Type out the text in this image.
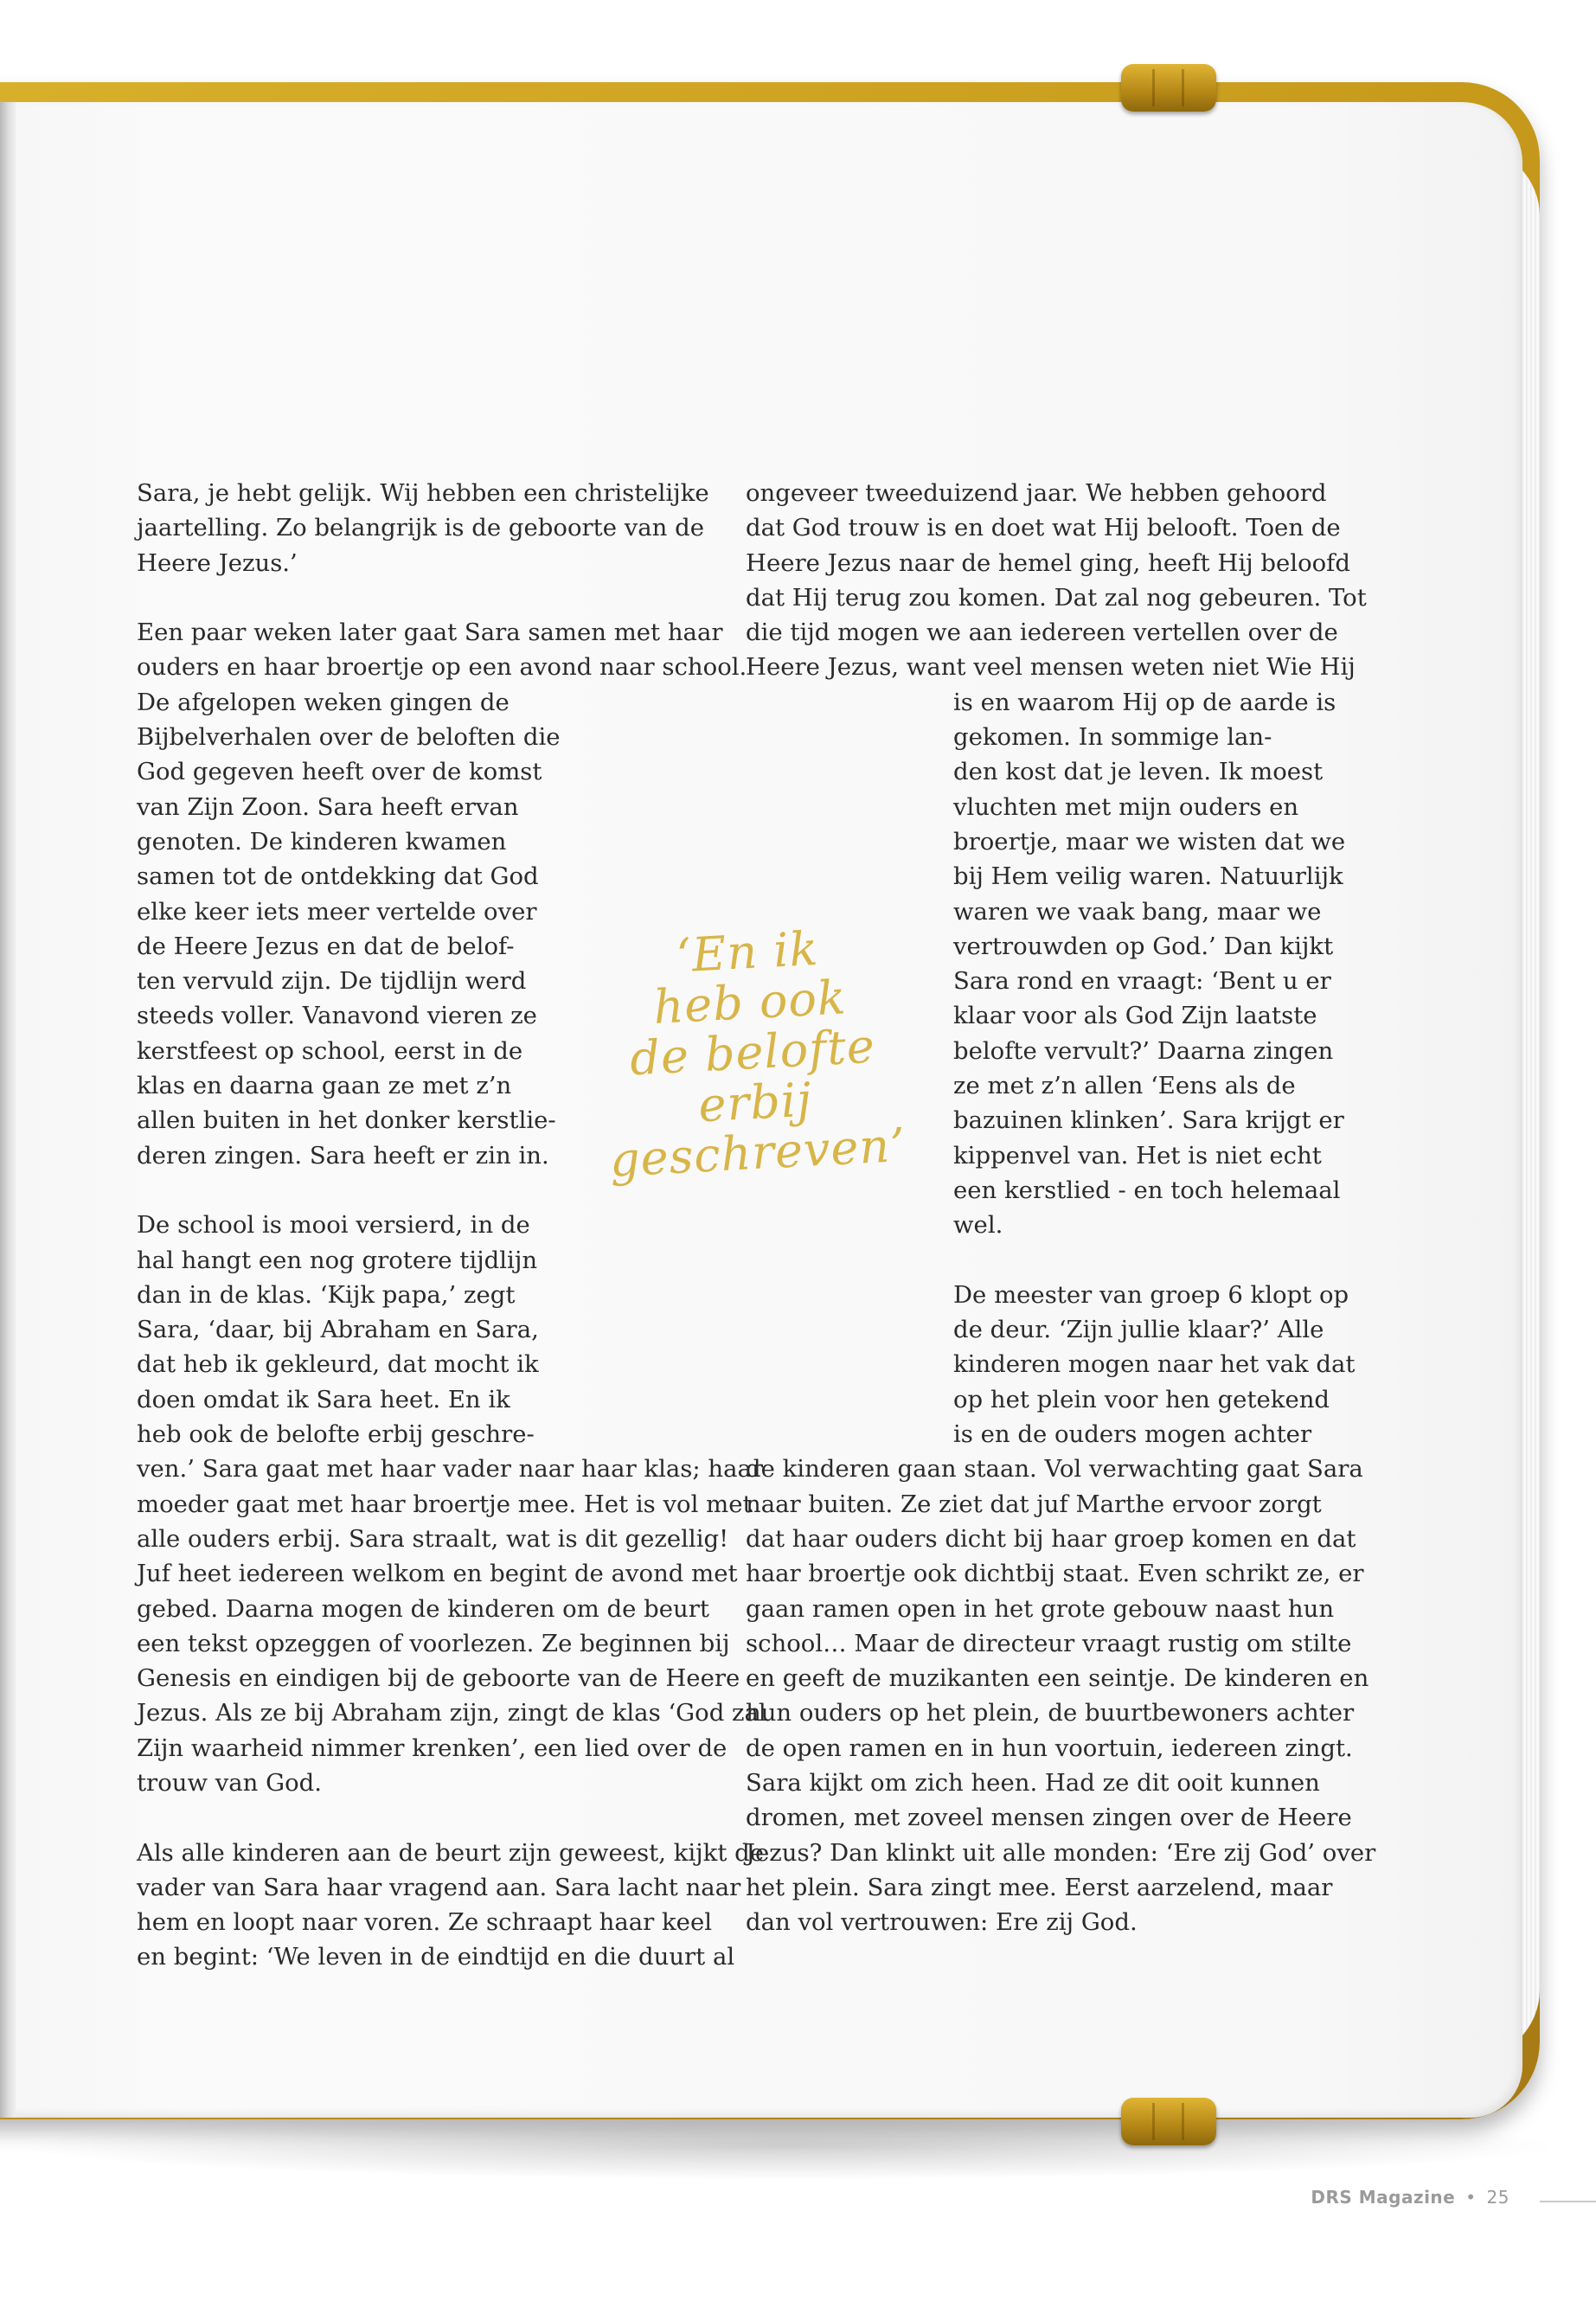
Sara, je hebt gelijk. Wij hebben een christelijke
jaartelling. Zo belangrijk is de geboorte van de
Heere Jezus.’

Een paar weken later gaat Sara samen met haar
ouders en haar broertje op een avond naar school.
De afgelopen weken gingen de
Bijbelverhalen over de beloften die
God gegeven heeft over de komst
van Zijn Zoon. Sara heeft ervan
genoten. De kinderen kwamen
samen tot de ontdekking dat God
elke keer iets meer vertelde over
de Heere Jezus en dat de belof-
ten vervuld zijn. De tijdlijn werd
steeds voller. Vanavond vieren ze
kerstfeest op school, eerst in de
klas en daarna gaan ze met z’n
allen buiten in het donker kerstlie-
deren zingen. Sara heeft er zin in.

De school is mooi versierd, in de
hal hangt een nog grotere tijdlijn
dan in de klas. ‘Kijk papa,’ zegt
Sara, ‘daar, bij Abraham en Sara,
dat heb ik gekleurd, dat mocht ik
doen omdat ik Sara heet. En ik
heb ook de belofte erbij geschre-
ven.’ Sara gaat met haar vader naar haar klas; haar
moeder gaat met haar broertje mee. Het is vol met
alle ouders erbij. Sara straalt, wat is dit gezellig!
Juf heet iedereen welkom en begint de avond met
gebed. Daarna mogen de kinderen om de beurt
een tekst opzeggen of voorlezen. Ze beginnen bij
Genesis en eindigen bij de geboorte van de Heere
Jezus. Als ze bij Abraham zijn, zingt de klas ‘God zal
Zijn waarheid nimmer krenken’, een lied over de
trouw van God.

Als alle kinderen aan de beurt zijn geweest, kijkt de
vader van Sara haar vragend aan. Sara lacht naar
hem en loopt naar voren. Ze schraapt haar keel
en begint: ‘We leven in de eindtijd en die duurt al

ongeveer tweeduizend jaar. We hebben gehoord
dat God trouw is en doet wat Hij belooft. Toen de
Heere Jezus naar de hemel ging, heeft Hij beloofd
dat Hij terug zou komen. Dat zal nog gebeuren. Tot
die tijd mogen we aan iedereen vertellen over de
Heere Jezus, want veel mensen weten niet Wie Hij
is en waarom Hij op de aarde is
gekomen. In sommige lan-
den kost dat je leven. Ik moest
vluchten met mijn ouders en
broertje, maar we wisten dat we
bij Hem veilig waren. Natuurlijk
waren we vaak bang, maar we
vertrouwden op God.’ Dan kijkt
Sara rond en vraagt: ‘Bent u er
klaar voor als God Zijn laatste
belofte vervult?’ Daarna zingen
ze met z’n allen ‘Eens als de
bazuinen klinken’. Sara krijgt er
kippenvel van. Het is niet echt
een kerstlied - en toch helemaal
wel.

De meester van groep 6 klopt op
de deur. ‘Zijn jullie klaar?’ Alle
kinderen mogen naar het vak dat
op het plein voor hen getekend
is en de ouders mogen achter
de kinderen gaan staan. Vol verwachting gaat Sara
naar buiten. Ze ziet dat juf Marthe ervoor zorgt
dat haar ouders dicht bij haar groep komen en dat
haar broertje ook dichtbij staat. Even schrikt ze, er
gaan ramen open in het grote gebouw naast hun
school… Maar de directeur vraagt rustig om stilte
en geeft de muzikanten een seintje. De kinderen en
hun ouders op het plein, de buurtbewoners achter
de open ramen en in hun voortuin, iedereen zingt.
Sara kijkt om zich heen. Had ze dit ooit kunnen
dromen, met zoveel mensen zingen over de Heere
Jezus? Dan klinkt uit alle monden: ‘Ere zij God’ over
het plein. Sara zingt mee. Eerst aarzelend, maar
dan vol vertrouwen: Ere zij God.

‘En ik
heb ook
de belofte
erbij
geschreven’
DRS Magazine • 25
